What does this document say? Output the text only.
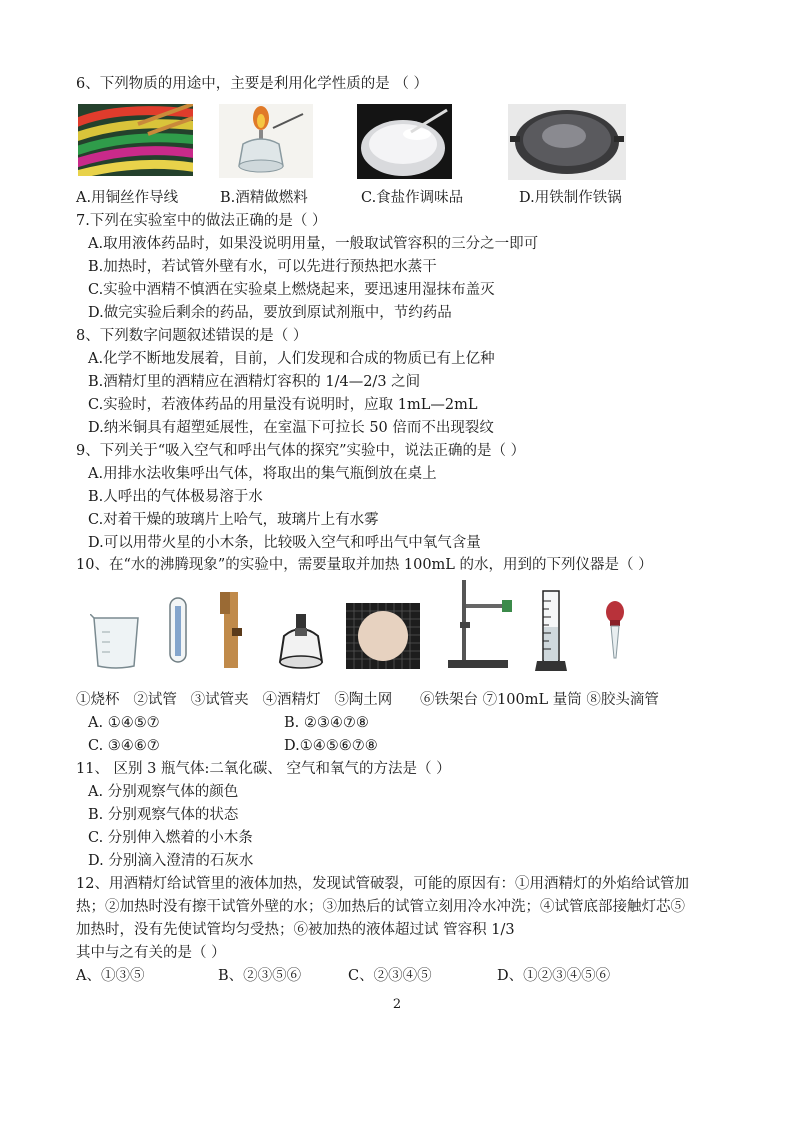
6、下列物质的用途中，主要是利用化学性质的是 （ ）
A.用铜丝作导线	B.酒精做燃料	C.食盐作调味品	D.用铁制作铁锅
7.下列在实验室中的做法正确的是（ ）
A.取用液体药品时，如果没说明用量，一般取试管容积的三分之一即可
B.加热时，若试管外壁有水，可以先进行预热把水蒸干
C.实验中酒精不慎洒在实验桌上燃烧起来，要迅速用湿抹布盖灭
D.做完实验后剩余的药品，要放到原试剂瓶中，节约药品
8、下列数字问题叙述错误的是（ ）
A.化学不断地发展着，目前，人们发现和合成的物质已有上亿种
B.酒精灯里的酒精应在酒精灯容积的 1/4—2/3 之间
C.实验时，若液体药品的用量没有说明时，应取 1mL—2mL
D.纳米铜具有超塑延展性，在室温下可拉长 50 倍而不出现裂纹
9、下列关于“吸入空气和呼出气体的探究”实验中，说法正确的是（ ）
A.用排水法收集呼出气体，将取出的集气瓶倒放在桌上
B.人呼出的气体极易溶于水
C.对着干燥的玻璃片上哈气，玻璃片上有水雾
D.可以用带火星的小木条，比较吸入空气和呼出气中氧气含量
10、在“水的沸腾现象”的实验中，需要量取并加热 100mL 的水，用到的下列仪器是（ ）
①烧杯 ②试管 ③试管夹 ④酒精灯 ⑤陶土网 ⑥铁架台 ⑦100mL 量筒 ⑧胶头滴管
A. ①④⑤⑦	B. ②③④⑦⑧
C. ③④⑥⑦	D.①④⑤⑥⑦⑧
11、 区别 3 瓶气体:二氧化碳、 空气和氧气的方法是（ ）
A. 分别观察气体的颜色
B. 分别观察气体的状态
C. 分别伸入燃着的小木条
D. 分别滴入澄清的石灰水
12、用酒精灯给试管里的液体加热，发现试管破裂，可能的原因有：①用酒精灯的外焰给试管加
热；②加热时没有擦干试管外壁的水；③加热后的试管立刻用冷水冲洗；④试管底部接触灯芯⑤
加热时，没有先使试管均匀受热；⑥被加热的液体超过试 管容积 1/3
其中与之有关的是（ ）
A、①③⑤	B、②③⑤⑥	C、②③④⑤	D、①②③④⑤⑥
2
